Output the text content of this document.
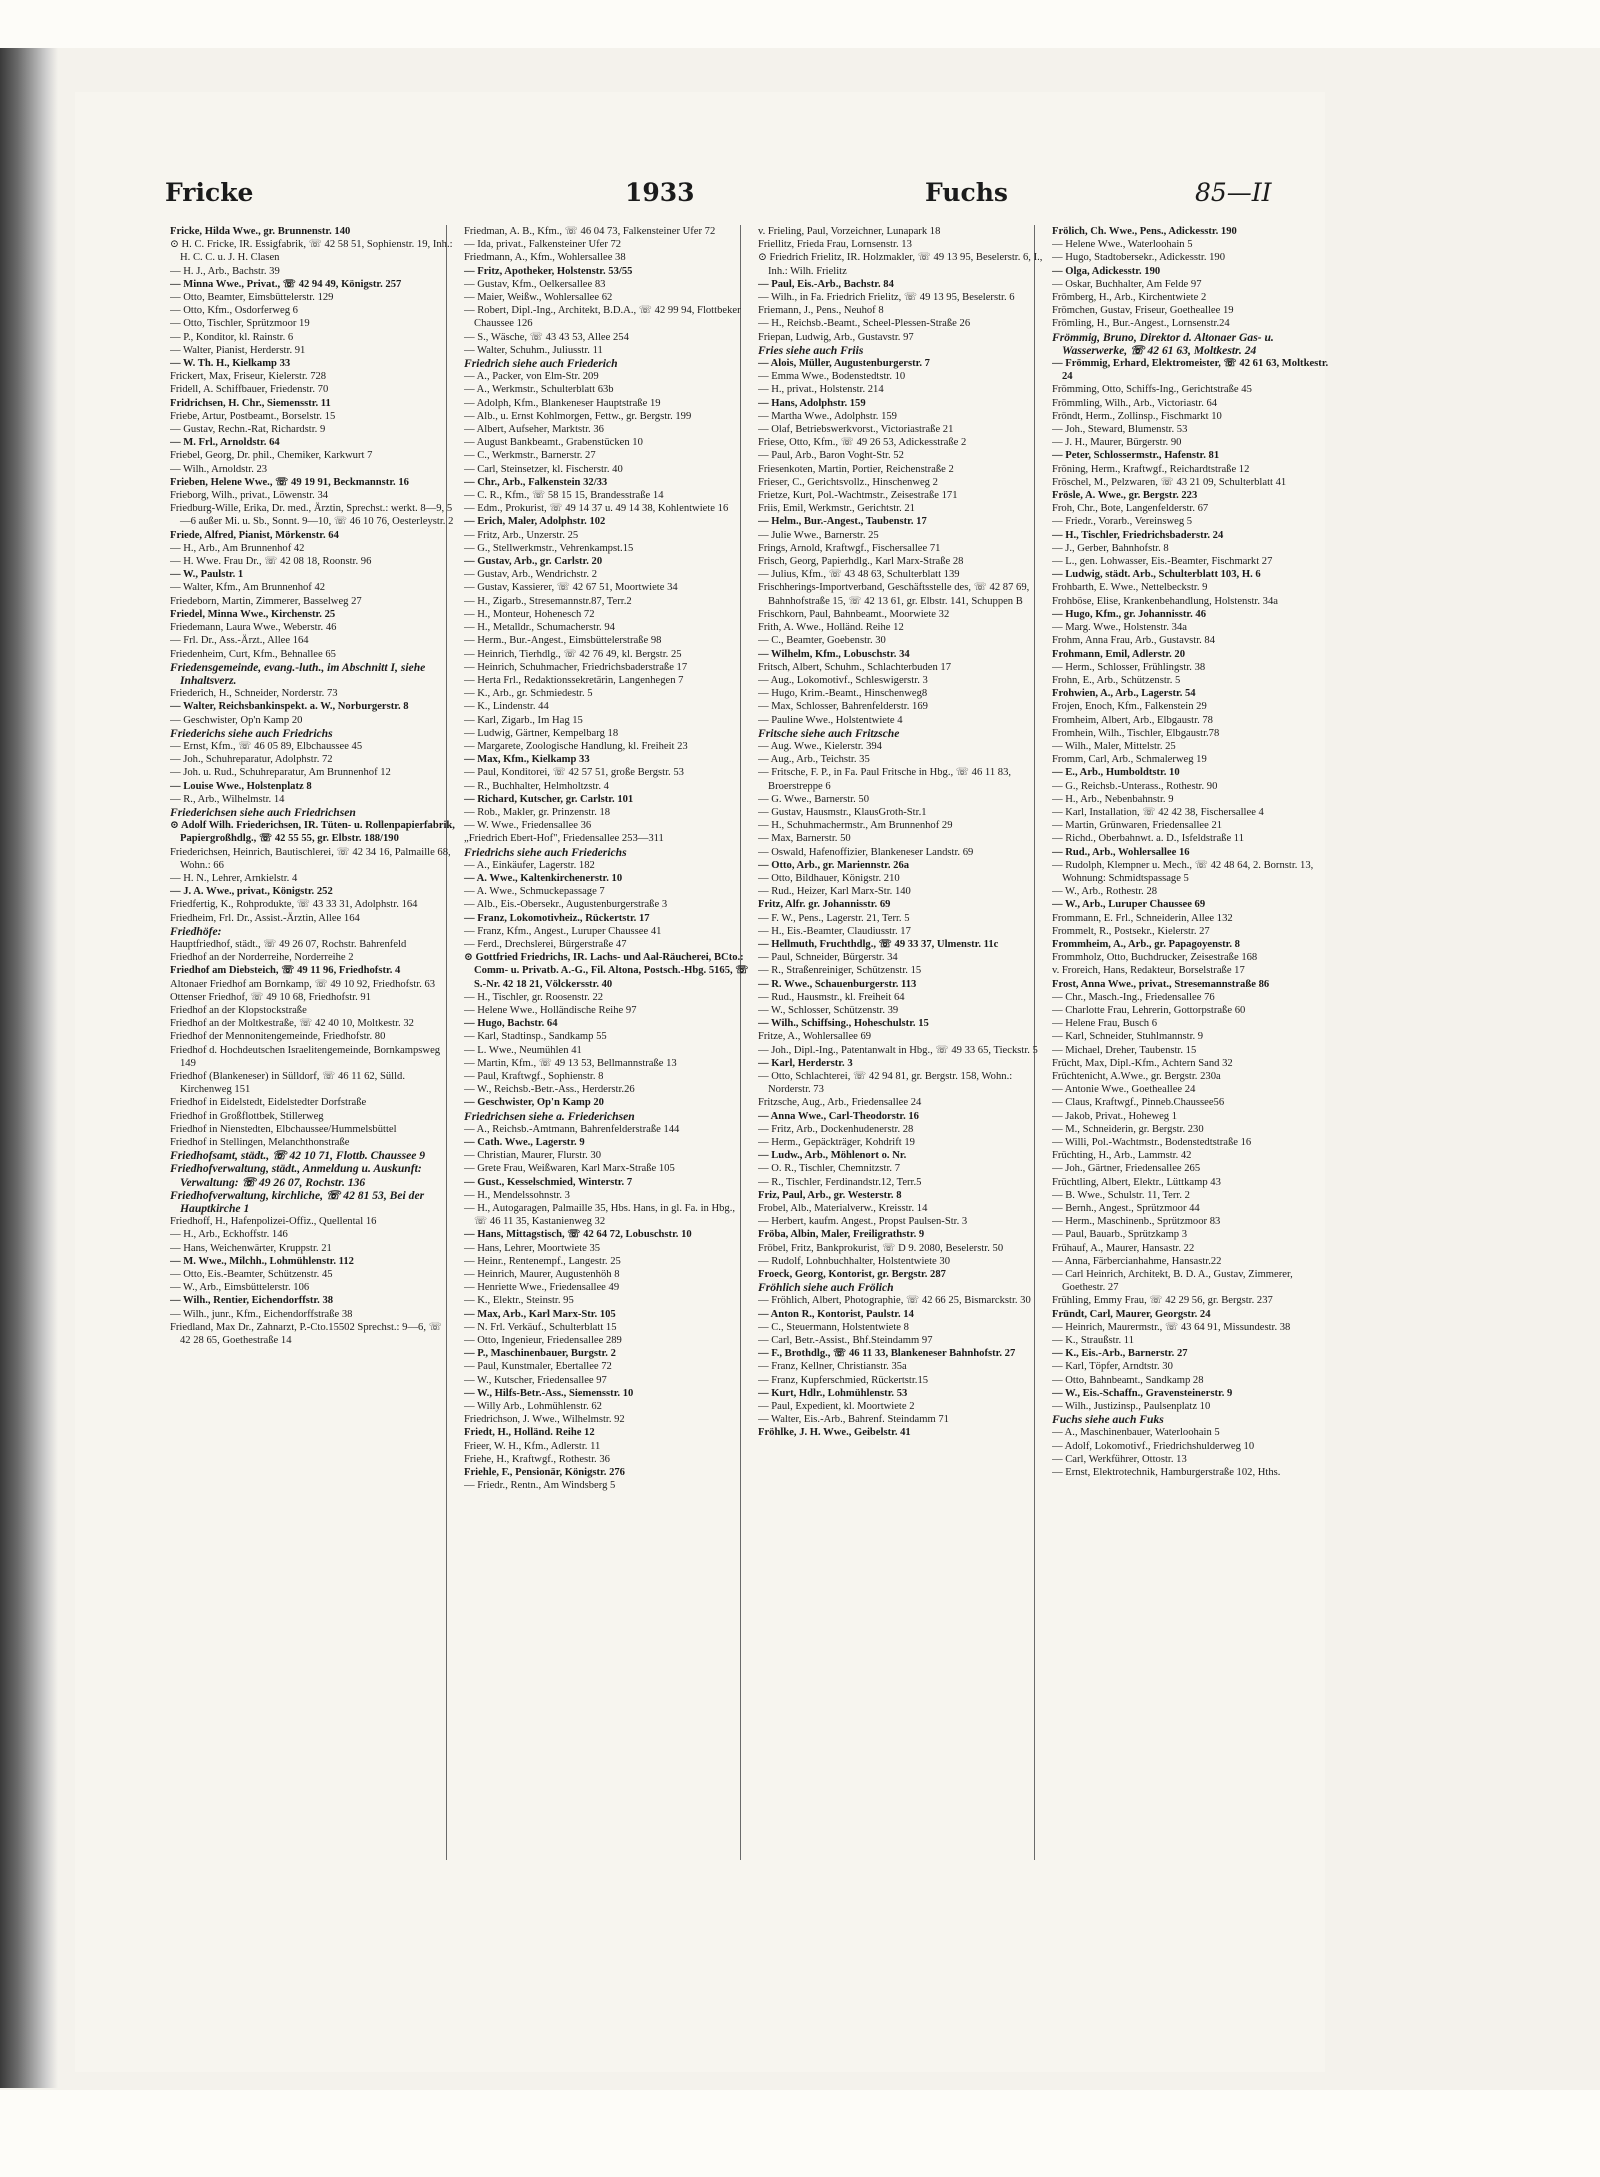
Fricke	1933	Fuchs	85—II
Fricke, Hilda Wwe., gr. Brunnenstr. 140
⊙ H. C. Fricke, IR. Essigfabrik, ☏ 42 58 51, Sophienstr. 19, Inh.: H. C. C. u. J. H. Clasen
— H. J., Arb., Bachstr. 39
— Minna Wwe., Privat., ☏ 42 94 49, Königstr. 257
— Otto, Beamter, Eimsbüttelerstr. 129
— Otto, Kfm., Osdorferweg 6
— Otto, Tischler, Sprützmoor 19
— P., Konditor, kl. Rainstr. 6
— Walter, Pianist, Herderstr. 91
— W. Th. H., Kielkamp 33
Frickert, Max, Friseur, Kielerstr. 728
Fridell, A. Schiffbauer, Friedenstr. 70
Fridrichsen, H. Chr., Siemensstr. 11
Friebe, Artur, Postbeamt., Borselstr. 15
— Gustav, Rechn.-Rat, Richardstr. 9
— M. Frl., Arnoldstr. 64
Friebel, Georg, Dr. phil., Chemiker, Karkwurt 7
— Wilh., Arnoldstr. 23
Frieben, Helene Wwe., ☏ 49 19 91, Beckmannstr. 16
Frieborg, Wilh., privat., Löwenstr. 34
Friedburg-Wille, Erika, Dr. med., Ärztin, Sprechst.: werkt. 8—9, 5—6 außer Mi. u. Sb., Sonnt. 9—10, ☏ 46 10 76, Oesterleystr. 2
Friede, Alfred, Pianist, Mörkenstr. 64
— H., Arb., Am Brunnenhof 42
— H. Wwe. Frau Dr., ☏ 42 08 18, Roonstr. 96
— W., Paulstr. 1
— Walter, Kfm., Am Brunnenhof 42
Friedeborn, Martin, Zimmerer, Basselweg 27
Friedel, Minna Wwe., Kirchenstr. 25
Friedemann, Laura Wwe., Weberstr. 46
— Frl. Dr., Ass.-Ärzt., Allee 164
Friedenheim, Curt, Kfm., Behnallee 65
Friedensgemeinde, evang.-luth., im Abschnitt I, siehe Inhaltsverz.
Friederich, H., Schneider, Norderstr. 73
— Walter, Reichsbankinspekt. a. W., Norburgerstr. 8
— Geschwister, Op'n Kamp 20
Friederichs siehe auch Friedrichs
— Ernst, Kfm., ☏ 46 05 89, Elbchaussee 45
— Joh., Schuhreparatur, Adolphstr. 72
— Joh. u. Rud., Schuhreparatur, Am Brunnenhof 12
— Louise Wwe., Holstenplatz 8
— R., Arb., Wilhelmstr. 14
Friederichsen siehe auch Friedrichsen
⊙ Adolf Wilh. Friederichsen, IR. Tüten- u. Rollenpapierfabrik, Papiergroßhdlg., ☏ 42 55 55, gr. Elbstr. 188/190
Friederichsen, Heinrich, Bautischlerei, ☏ 42 34 16, Palmaille 68, Wohn.: 66
— H. N., Lehrer, Arnkielstr. 4
— J. A. Wwe., privat., Königstr. 252
Friedfertig, K., Rohprodukte, ☏ 43 33 31, Adolphstr. 164
Friedheim, Frl. Dr., Assist.-Ärztin, Allee 164
Friedhöfe:
Hauptfriedhof, städt., ☏ 49 26 07, Rochstr. Bahrenfeld
Friedhof an der Norderreihe, Norderreihe 2
Friedhof am Diebsteich, ☏ 49 11 96, Friedhofstr. 4
Altonaer Friedhof am Bornkamp, ☏ 49 10 92, Friedhofstr. 63
Ottenser Friedhof, ☏ 49 10 68, Friedhofstr. 91
Friedhof an der Klopstockstraße
Friedhof an der Moltkestraße, ☏ 42 40 10, Moltkestr. 32
Friedhof der Mennonitengemeinde, Friedhofstr. 80
Friedhof d. Hochdeutschen Israelitengemeinde, Bornkampsweg 149
Friedhof (Blankeneser) in Sülldorf, ☏ 46 11 62, Sülld. Kirchenweg 151
Friedhof in Eidelstedt, Eidelstedter Dorfstraße
Friedhof in Großflottbek, Stillerweg
Friedhof in Nienstedten, Elbchaussee/Hummelsbüttel
Friedhof in Stellingen, Melanchthonstraße
Friedhofsamt, städt., ☏ 42 10 71, Flottb. Chaussee 9
Friedhofverwaltung, städt., Anmeldung u. Auskunft: Verwaltung: ☏ 49 26 07, Rochstr. 136
Friedhofverwaltung, kirchliche, ☏ 42 81 53, Bei der Hauptkirche 1
Friedhoff, H., Hafenpolizei-Offiz., Quellental 16
— H., Arb., Eckhoffstr. 146
— Hans, Weichenwärter, Kruppstr. 21
— M. Wwe., Milchh., Lohmühlenstr. 112
— Otto, Eis.-Beamter, Schützenstr. 45
— W., Arb., Eimsbüttelerstr. 106
— Wilh., Rentier, Eichendorffstr. 38
— Wilh., junr., Kfm., Eichendorffstraße 38
Friedland, Max Dr., Zahnarzt, P.-Cto.15502 Sprechst.: 9—6, ☏ 42 28 65, Goethestraße 14
Friedman, A. B., Kfm., ☏ 46 04 73, Falkensteiner Ufer 72
— Ida, privat., Falkensteiner Ufer 72
Friedmann, A., Kfm., Wohlersallee 38
— Fritz, Apotheker, Holstenstr. 53/55
— Gustav, Kfm., Oelkersallee 83
— Maier, Weißw., Wohlersallee 62
— Robert, Dipl.-Ing., Architekt, B.D.A., ☏ 42 99 94, Flottbeker Chaussee 126
— S., Wäsche, ☏ 43 43 53, Allee 254
— Walter, Schuhm., Juliusstr. 11
Friedrich siehe auch Friederich
— A., Packer, von Elm-Str. 209
— A., Werkmstr., Schulterblatt 63b
— Adolph, Kfm., Blankeneser Hauptstraße 19
— Alb., u. Ernst Kohlmorgen, Fettw., gr. Bergstr. 199
— Albert, Aufseher, Marktstr. 36
— August Bankbeamt., Grabenstücken 10
— C., Werkmstr., Barnerstr. 27
— Carl, Steinsetzer, kl. Fischerstr. 40
— Chr., Arb., Falkenstein 32/33
— C. R., Kfm., ☏ 58 15 15, Brandesstraße 14
— Edm., Prokurist, ☏ 49 14 37 u. 49 14 38, Kohlentwiete 16
— Erich, Maler, Adolphstr. 102
— Fritz, Arb., Unzerstr. 25
— G., Stellwerkmstr., Vehrenkampst.15
— Gustav, Arb., gr. Carlstr. 20
— Gustav, Arb., Wendrichstr. 2
— Gustav, Kassierer, ☏ 42 67 51, Moortwiete 34
— H., Zigarb., Stresemannstr.87, Terr.2
— H., Monteur, Hohenesch 72
— H., Metalldr., Schumacherstr. 94
— Herm., Bur.-Angest., Eimsbüttelerstraße 98
— Heinrich, Tierhdlg., ☏ 42 76 49, kl. Bergstr. 25
— Heinrich, Schuhmacher, Friedrichsbaderstraße 17
— Herta Frl., Redaktionssekretärin, Langenhegen 7
— K., Arb., gr. Schmiedestr. 5
— K., Lindenstr. 44
— Karl, Zigarb., Im Hag 15
— Ludwig, Gärtner, Kempelbarg 18
— Margarete, Zoologische Handlung, kl. Freiheit 23
— Max, Kfm., Kielkamp 33
— Paul, Konditorei, ☏ 42 57 51, große Bergstr. 53
— R., Buchhalter, Helmholtzstr. 4
— Richard, Kutscher, gr. Carlstr. 101
— Rob., Makler, gr. Prinzenstr. 18
— W. Wwe., Friedensallee 36
„Friedrich Ebert-Hof", Friedensallee 253—311
Friedrichs siehe auch Friederichs
— A., Einkäufer, Lagerstr. 182
— A. Wwe., Kaltenkirchenerstr. 10
— A. Wwe., Schmuckepassage 7
— Alb., Eis.-Obersekr., Augustenburgerstraße 3
— Franz, Lokomotivheiz., Rückertstr. 17
— Franz, Kfm., Angest., Luruper Chaussee 41
— Ferd., Drechslerei, Bürgerstraße 47
⊙ Gottfried Friedrichs, IR. Lachs- und Aal-Räucherei, BCto.: Comm- u. Privatb. A.-G., Fil. Altona, Postsch.-Hbg. 5165, ☏ S.-Nr. 42 18 21, Völckersstr. 40
— H., Tischler, gr. Roosenstr. 22
— Helene Wwe., Holländische Reihe 97
— Hugo, Bachstr. 64
— Karl, Stadtinsp., Sandkamp 55
— L. Wwe., Neumühlen 41
— Martin, Kfm., ☏ 49 13 53, Bellmannstraße 13
— Paul, Kraftwgf., Sophienstr. 8
— W., Reichsb.-Betr.-Ass., Herderstr.26
— Geschwister, Op'n Kamp 20
Friedrichsen siehe a. Friederichsen
— A., Reichsb.-Amtmann, Bahrenfelderstraße 144
— Cath. Wwe., Lagerstr. 9
— Christian, Maurer, Flurstr. 30
— Grete Frau, Weißwaren, Karl Marx-Straße 105
— Gust., Kesselschmied, Winterstr. 7
— H., Mendelssohnstr. 3
— H., Autogaragen, Palmaille 35, Hbs. Hans, in gl. Fa. in Hbg., ☏ 46 11 35, Kastanienweg 32
— Hans, Mittagstisch, ☏ 42 64 72, Lobuschstr. 10
— Hans, Lehrer, Moortwiete 35
— Heinr., Rentenempf., Langestr. 25
— Heinrich, Maurer, Augustenhöh 8
— Henriette Wwe., Friedensallee 49
— K., Elektr., Steinstr. 95
— Max, Arb., Karl Marx-Str. 105
— N. Frl. Verkäuf., Schulterblatt 15
— Otto, Ingenieur, Friedensallee 289
— P., Maschinenbauer, Burgstr. 2
— Paul, Kunstmaler, Ebertallee 72
— W., Kutscher, Friedensallee 97
— W., Hilfs-Betr.-Ass., Siemensstr. 10
— Willy Arb., Lohmühlenstr. 62
Friedrichson, J. Wwe., Wilhelmstr. 92
Friedt, H., Holländ. Reihe 12
Frieer, W. H., Kfm., Adlerstr. 11
Friehe, H., Kraftwgf., Rothestr. 36
Friehle, F., Pensionär, Königstr. 276
— Friedr., Rentn., Am Windsberg 5
v. Frieling, Paul, Vorzeichner, Lunapark 18
Friellitz, Frieda Frau, Lornsenstr. 13
⊙ Friedrich Frielitz, IR. Holzmakler, ☏ 49 13 95, Beselerstr. 6, I., Inh.: Wilh. Frielitz
— Paul, Eis.-Arb., Bachstr. 84
— Wilh., in Fa. Friedrich Frielitz, ☏ 49 13 95, Beselerstr. 6
Friemann, J., Pens., Neuhof 8
— H., Reichsb.-Beamt., Scheel-Plessen-Straße 26
Friepan, Ludwig, Arb., Gustavstr. 97
Fries siehe auch Friis
— Alois, Müller, Augustenburgerstr. 7
— Emma Wwe., Bodenstedtstr. 10
— H., privat., Holstenstr. 214
— Hans, Adolphstr. 159
— Martha Wwe., Adolphstr. 159
— Olaf, Betriebswerkvorst., Victoriastraße 21
Friese, Otto, Kfm., ☏ 49 26 53, Adickesstraße 2
— Paul, Arb., Baron Voght-Str. 52
Friesenkoten, Martin, Portier, Reichenstraße 2
Frieser, C., Gerichtsvollz., Hinschenweg 2
Frietze, Kurt, Pol.-Wachtmstr., Zeisestraße 171
Friis, Emil, Werkmstr., Gerichtstr. 21
— Helm., Bur.-Angest., Taubenstr. 17
— Julie Wwe., Barnerstr. 25
Frings, Arnold, Kraftwgf., Fischersallee 71
Frisch, Georg, Papierhdlg., Karl Marx-Straße 28
— Julius, Kfm., ☏ 43 48 63, Schulterblatt 139
Frischherings-Importverband, Geschäftsstelle des, ☏ 42 87 69, Bahnhofstraße 15, ☏ 42 13 61, gr. Elbstr. 141, Schuppen B
Frischkorn, Paul, Bahnbeamt., Moorwiete 32
Frith, A. Wwe., Holländ. Reihe 12
— C., Beamter, Goebenstr. 30
— Wilhelm, Kfm., Lobuschstr. 34
Fritsch, Albert, Schuhm., Schlachterbuden 17
— Aug., Lokomotivf., Schleswigerstr. 3
— Hugo, Krim.-Beamt., Hinschenweg8
— Max, Schlosser, Bahrenfelderstr. 169
— Pauline Wwe., Holstentwiete 4
Fritsche siehe auch Fritzsche
— Aug. Wwe., Kielerstr. 394
— Aug., Arb., Teichstr. 35
— Fritsche, F. P., in Fa. Paul Fritsche in Hbg., ☏ 46 11 83, Broerstreppe 6
— G. Wwe., Barnerstr. 50
— Gustav, Hausmstr., KlausGroth-Str.1
— H., Schuhmachermstr., Am Brunnenhof 29
— Max, Barnerstr. 50
— Oswald, Hafenoffizier, Blankeneser Landstr. 69
— Otto, Arb., gr. Mariennstr. 26a
— Otto, Bildhauer, Königstr. 210
— Rud., Heizer, Karl Marx-Str. 140
Fritz, Alfr. gr. Johannisstr. 69
— F. W., Pens., Lagerstr. 21, Terr. 5
— H., Eis.-Beamter, Claudiusstr. 17
— Hellmuth, Fruchthdlg., ☏ 49 33 37, Ulmenstr. 11c
— Paul, Schneider, Bürgerstr. 34
— R., Straßenreiniger, Schützenstr. 15
— R. Wwe., Schauenburgerstr. 113
— Rud., Hausmstr., kl. Freiheit 64
— W., Schlosser, Schützenstr. 39
— Wilh., Schiffsing., Hoheschulstr. 15
Fritze, A., Wohlersallee 69
— Joh., Dipl.-Ing., Patentanwalt in Hbg., ☏ 49 33 65, Tieckstr. 5
— Karl, Herderstr. 3
— Otto, Schlachterei, ☏ 42 94 81, gr. Bergstr. 158, Wohn.: Norderstr. 73
Fritzsche, Aug., Arb., Friedensallee 24
— Anna Wwe., Carl-Theodorstr. 16
— Fritz, Arb., Dockenhudenerstr. 28
— Herm., Gepäckträger, Kohdrift 19
— Ludw., Arb., Möhlenort o. Nr.
— O. R., Tischler, Chemnitzstr. 7
— R., Tischler, Ferdinandstr.12, Terr.5
Friz, Paul, Arb., gr. Westerstr. 8
Frobel, Alb., Materialverw., Kreisstr. 14
— Herbert, kaufm. Angest., Propst Paulsen-Str. 3
Fröba, Albin, Maler, Freiligrathstr. 9
Fröbel, Fritz, Bankprokurist, ☏ D 9. 2080, Beselerstr. 50
— Rudolf, Lohnbuchhalter, Holstentwiete 30
Froeck, Georg, Kontorist, gr. Bergstr. 287
Fröhlich siehe auch Frölich
— Fröhlich, Albert, Photographie, ☏ 42 66 25, Bismarckstr. 30
— Anton R., Kontorist, Paulstr. 14
— C., Steuermann, Holstentwiete 8
— Carl, Betr.-Assist., Bhf.Steindamm 97
— F., Brothdlg., ☏ 46 11 33, Blankeneser Bahnhofstr. 27
— Franz, Kellner, Christianstr. 35a
— Franz, Kupferschmied, Rückertstr.15
— Kurt, Hdlr., Lohmühlenstr. 53
— Paul, Expedient, kl. Moortwiete 2
— Walter, Eis.-Arb., Bahrenf. Steindamm 71
Fröhlke, J. H. Wwe., Geibelstr. 41
Frölich, Ch. Wwe., Pens., Adickesstr. 190
— Helene Wwe., Waterloohain 5
— Hugo, Stadtobersekr., Adickesstr. 190
— Olga, Adickesstr. 190
— Oskar, Buchhalter, Am Felde 97
Frömberg, H., Arb., Kirchentwiete 2
Frömchen, Gustav, Friseur, Goetheallee 19
Frömling, H., Bur.-Angest., Lornsenstr.24
Frömmig, Bruno, Direktor d. Altonaer Gas- u. Wasserwerke, ☏ 42 61 63, Moltkestr. 24
— Frömmig, Erhard, Elektromeister, ☏ 42 61 63, Moltkestr. 24
Frömming, Otto, Schiffs-Ing., Gerichtstraße 45
Frömmling, Wilh., Arb., Victoriastr. 64
Fröndt, Herm., Zollinsp., Fischmarkt 10
— Joh., Steward, Blumenstr. 53
— J. H., Maurer, Bürgerstr. 90
— Peter, Schlossermstr., Hafenstr. 81
Fröning, Herm., Kraftwgf., Reichardtstraße 12
Fröschel, M., Pelzwaren, ☏ 43 21 09, Schulterblatt 41
Frösle, A. Wwe., gr. Bergstr. 223
Froh, Chr., Bote, Langenfelderstr. 67
— Friedr., Vorarb., Vereinsweg 5
— H., Tischler, Friedrichsbaderstr. 24
— J., Gerber, Bahnhofstr. 8
— L., gen. Lohwasser, Eis.-Beamter, Fischmarkt 27
— Ludwig, städt. Arb., Schulterblatt 103, H. 6
Frohbarth, E. Wwe., Nettelbeckstr. 9
Frohböse, Elise, Krankenbehandlung, Holstenstr. 34a
— Hugo, Kfm., gr. Johannisstr. 46
— Marg. Wwe., Holstenstr. 34a
Frohm, Anna Frau, Arb., Gustavstr. 84
Frohmann, Emil, Adlerstr. 20
— Herm., Schlosser, Frühlingstr. 38
Frohn, E., Arb., Schützenstr. 5
Frohwien, A., Arb., Lagerstr. 54
Frojen, Enoch, Kfm., Falkenstein 29
Fromheim, Albert, Arb., Elbgaustr. 78
Fromhein, Wilh., Tischler, Elbgaustr.78
— Wilh., Maler, Mittelstr. 25
Fromm, Carl, Arb., Schmalerweg 19
— E., Arb., Humboldtstr. 10
— G., Reichsb.-Unterass., Rothestr. 90
— H., Arb., Nebenbahnstr. 9
— Karl, Installation, ☏ 42 42 38, Fischersallee 4
— Martin, Grünwaren, Friedensallee 21
— Richd., Oberbahnwt. a. D., Isfeldstraße 11
— Rud., Arb., Wohlersallee 16
— Rudolph, Klempner u. Mech., ☏ 42 48 64, 2. Bornstr. 13, Wohnung: Schmidtspassage 5
— W., Arb., Rothestr. 28
— W., Arb., Luruper Chaussee 69
Frommann, E. Frl., Schneiderin, Allee 132
Frommelt, R., Postsekr., Kielerstr. 27
Frommheim, A., Arb., gr. Papagoyenstr. 8
Frommholz, Otto, Buchdrucker, Zeisestraße 168
v. Froreich, Hans, Redakteur, Borselstraße 17
Frost, Anna Wwe., privat., Stresemannstraße 86
— Chr., Masch.-Ing., Friedensallee 76
— Charlotte Frau, Lehrerin, Gottorpstraße 60
— Helene Frau, Busch 6
— Karl, Schneider, Stuhlmannstr. 9
— Michael, Dreher, Taubenstr. 15
Frücht, Max, Dipl.-Kfm., Achtern Sand 32
Früchtenicht, A.Wwe., gr. Bergstr. 230a
— Antonie Wwe., Goetheallee 24
— Claus, Kraftwgf., Pinneb.Chaussee56
— Jakob, Privat., Hoheweg 1
— M., Schneiderin, gr. Bergstr. 230
— Willi, Pol.-Wachtmstr., Bodenstedtstraße 16
Früchting, H., Arb., Lammstr. 42
— Joh., Gärtner, Friedensallee 265
Früchtling, Albert, Elektr., Lüttkamp 43
— B. Wwe., Schulstr. 11, Terr. 2
— Bernh., Angest., Sprützmoor 44
— Herm., Maschinenb., Sprützmoor 83
— Paul, Bauarb., Sprützkamp 3
Frühauf, A., Maurer, Hansastr. 22
— Anna, Färbercianhahme, Hansastr.22
— Carl Heinrich, Architekt, B. D. A., Gustav, Zimmerer, Goethestr. 27
Frühling, Emmy Frau, ☏ 42 29 56, gr. Bergstr. 237
Fründt, Carl, Maurer, Georgstr. 24
— Heinrich, Maurermstr., ☏ 43 64 91, Missundestr. 38
— K., Straußstr. 11
— K., Eis.-Arb., Barnerstr. 27
— Karl, Töpfer, Arndtstr. 30
— Otto, Bahnbeamt., Sandkamp 28
— W., Eis.-Schaffn., Gravensteinerstr. 9
— Wilh., Justizinsp., Paulsenplatz 10
Fuchs siehe auch Fuks
— A., Maschinenbauer, Waterloohain 5
— Adolf, Lokomotivf., Friedrichshulderweg 10
— Carl, Werkführer, Ottostr. 13
— Ernst, Elektrotechnik, Hamburgerstraße 102, Hths.
